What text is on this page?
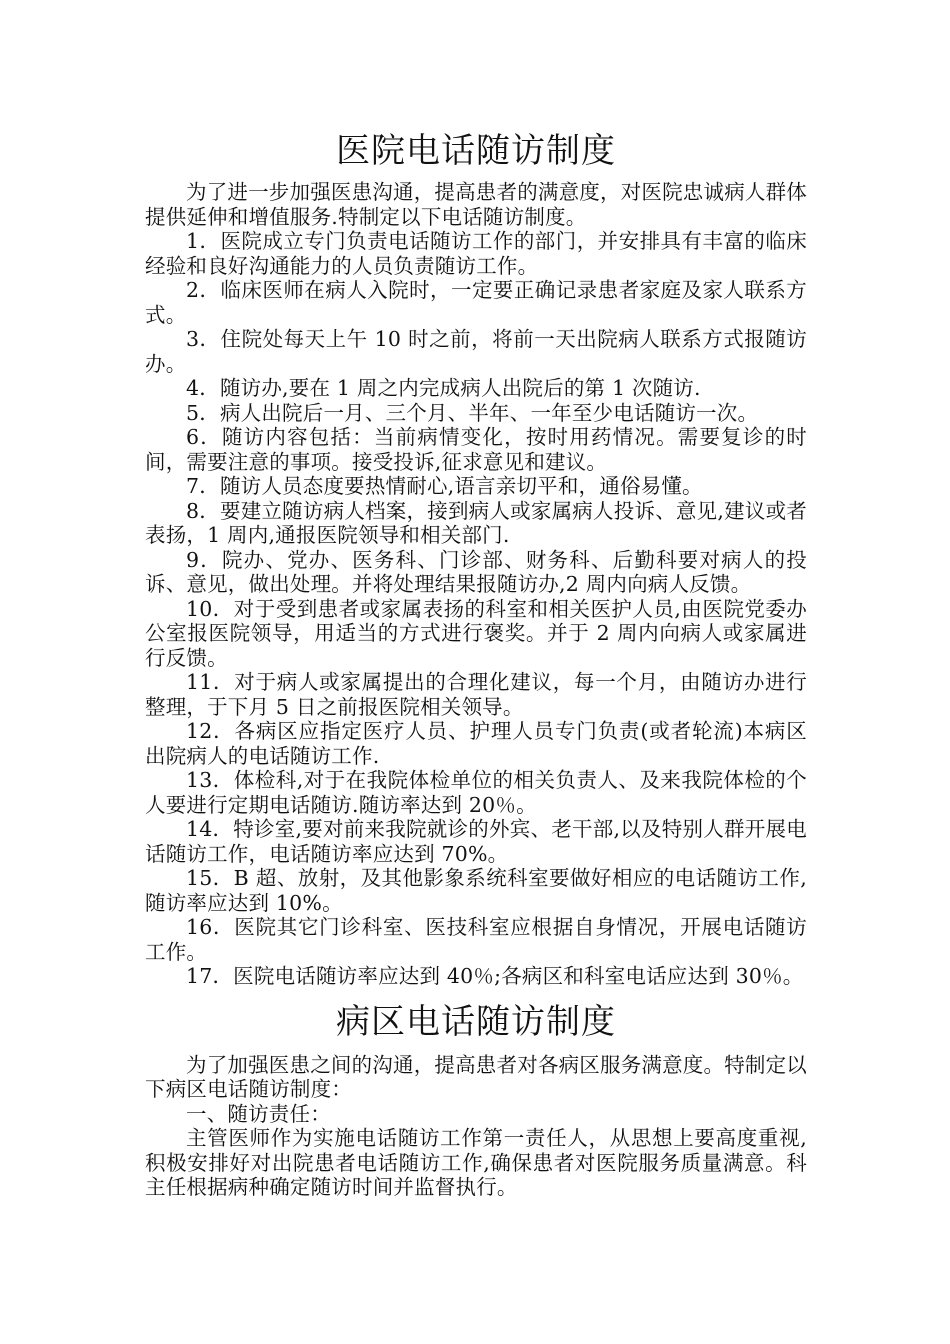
医院电话随访制度

为了进一步加强医患沟通，提高患者的满意度，对医院忠诚病人群体提供延伸和增值服务.特制定以下电话随访制度。

1．医院成立专门负责电话随访工作的部门，并安排具有丰富的临床经验和良好沟通能力的人员负责随访工作。

2．临床医师在病人入院时，一定要正确记录患者家庭及家人联系方式。

3．住院处每天上午 10 时之前，将前一天出院病人联系方式报随访办。

4．随访办,要在 1 周之内完成病人出院后的第 1 次随访.

5．病人出院后一月、三个月、半年、一年至少电话随访一次。

6．随访内容包括：当前病情变化，按时用药情况。需要复诊的时间，需要注意的事项。接受投诉,征求意见和建议。

7．随访人员态度要热情耐心,语言亲切平和，通俗易懂。

8．要建立随访病人档案，接到病人或家属病人投诉、意见,建议或者表扬，1 周内,通报医院领导和相关部门.

9．院办、党办、医务科、门诊部、财务科、后勤科要对病人的投诉、意见，做出处理。并将处理结果报随访办,2 周内向病人反馈。

10．对于受到患者或家属表扬的科室和相关医护人员,由医院党委办公室报医院领导，用适当的方式进行褒奖。并于 2 周内向病人或家属进行反馈。

11．对于病人或家属提出的合理化建议，每一个月，由随访办进行整理，于下月 5 日之前报医院相关领导。

12．各病区应指定医疗人员、护理人员专门负责(或者轮流)本病区出院病人的电话随访工作.

13．体检科,对于在我院体检单位的相关负责人、及来我院体检的个人要进行定期电话随访.随访率达到 20％。

14．特诊室,要对前来我院就诊的外宾、老干部,以及特别人群开展电话随访工作，电话随访率应达到 70%。

15．B 超、放射，及其他影象系统科室要做好相应的电话随访工作,随访率应达到 10%。

16．医院其它门诊科室、医技科室应根据自身情况，开展电话随访工作。

17．医院电话随访率应达到 40％;各病区和科室电话应达到 30％。

病区电话随访制度

为了加强医患之间的沟通，提高患者对各病区服务满意度。特制定以下病区电话随访制度：

一、随访责任：

主管医师作为实施电话随访工作第一责任人，从思想上要高度重视,积极安排好对出院患者电话随访工作,确保患者对医院服务质量满意。科主任根据病种确定随访时间并监督执行。
